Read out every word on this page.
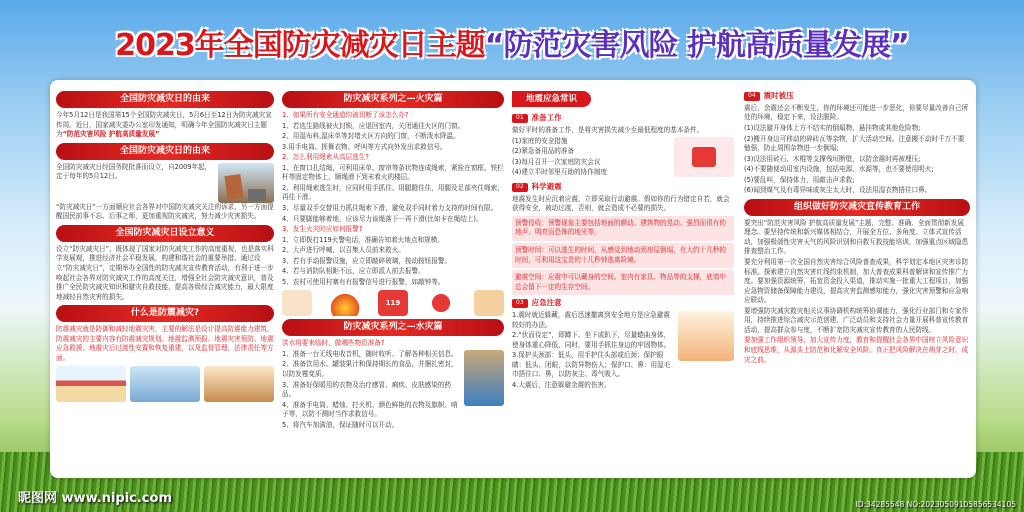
2023年全国防灾减灾日主题“防范灾害风险 护航高质量发展”
全国防灾减灾日的由来

今年5月12日是我国第15个全国防灾减灾日，5月6日至12日为防灾减灾宣传周。近日，国家减灾委办公室印发通知，明确今年全国防灾减灾日主题为“防范灾害风险 护航高质量发展”

全国防灾减灾日的由来

全国防灾减灾日经国务院批准而设立，自2009年起，定于每年的5月12日。

“防灾减灾日”一方面顺应社会各界对中国防灾减灾关注的诉求，另一方面提醒国民前事不忘、后事之师，更加重视防灾减灾，努力减少灾害损失。

全国防灾减灾日设立意义

设立“防灾减灾日”，既体现了国家对防灾减灾工作的高度重视，也是落实科学发展观，推进经济社会平稳发展，构建和谐社会的重要举措。通过设立“防灾减灾日”，定期举办全国性的防灾减灾宣传教育活动，有利于进一步唤起社会各界对防灾减灾工作的高度关注，增强全社会防灾减灾意识，普及推广全民防灾减灾知识和避灾自救技能，提高各级综合减灾能力，最大限度地减轻自然灾害的损失。

什么是防震减灾?

防震减灾就是防御和减轻地震灾害，主要的解法是设计提高防震能力建筑，防震减灾的主要内容有防震减灾规划、地震监测预报、地震灾害预防、地震应急救援、地震灾后过渡性安置和恢复重建，以及监督管理、法律责任等方面。

防灾减灾系列之—火灾篇

1、如果所有安全通道均被切断了该怎么办?

1、若选生路线被火封锁，应退回室内，关闭通往火区的门窗。

2、用湿布料,湿床单等封堵火区方向的门窗，不断泼水降温。

3.用手电筒、挥舞衣物、呼叫等方式向外发出求救信号。

2、怎么利用绳索从高层逃生?

1、在窗口扎结绳，可利用床单、窗帘等条状物连成绳索，紧拴在窗框、铁栏杆等固定物体上，顺绳滑下到未着火的楼层。

2、利用绳索逃生时，应同时用手抓住、用腿蹬住住，用腿及足部夹住绳索，再往下滑。

3、尽量双手交替用力抓住绳索下滑，避免双手同时着力支持的时间有限。

4、只要脚能够着地，应该尽力该绳落下一再下滑(比如卡在绳结上)。

3、发生火灾时应如何报警?

1、立即拨打119火警电话，准确告知着火地点和规模。

2、大声进行呼喊，以召集人员前来救火。

3、若有手动报警设施，应立即敲碎玻璃，按动按钮报警。

4、若与消防队相距不远，应立即派人前去报警。

5、农村可使用村寨有有报警信号进行报警，如敲钟等。

119
防灾减灾系列之—水灾篇

洪水将要来临时，做哪些物资准备?

1、准备一台无线电收音机，随时收听、了解各种相关信息。

2、准备饮用水、罐装果汁和保持期长的食品，并捆扎密封，以防发霉变质。

3、准备好保暖用的衣物及治疗感冒、痢疾、皮肤感染的药品。

4、准备手电筒、蜡烛、打火机、颜色鲜艳的衣物及旗帜、哨子等，以防不测时当作求救信号。

5、将汽车加满油，保证随时可以开动。

地震应急常识
01	准备工作

做好平时的准备工作，是将灾害损失减少至最低程度的基本条件。

(1)家庭的安全措施

(2)紧急备用品的准备

(3)每月召开一次家庭防灾会议

(4)建立平时邻里互助的协作制度

02	科学避震

地震发生时应沉着应震，立即采取行动避震。假如你的行为错定自若，就会获得安全，被动过渡，否则，就会造成不必要的损失。

预警役收：预警现象主要包括地面的颤动、建筑物的晃动、强烈而很有的地声、明亮而恐怖的地光等。
预警时间：可以逃生的时间，从感觉到地动到房屋倒塌，有大约十几秒的时间，可利用这宝贵的十几秒钟逃离险境。
避震空间：应震中可以藏身的空间。室内有家具、物品等的支撑，底墙中总会留下一定的生存空间。
03	应急注意

1.震时就近躲藏，震后迅速撤离到安全地方是应急避震较好的办法。

2.“伏而待定”，即蹲下、坐下或趴下，尽量蜷曲身体，使身体重心降低，同时，要用手抓住身边的牢固物体。

3.保护头颈部：低头，用手护住头部或后颈；保护眼睛：低头、闭眼，以防异物伤人；保护口、鼻：用湿毛巾捂住口、鼻，以防灰尘、毒气吸入。

4.大震后，注意躲避余震的伤害。

04	震时被压

震后，余震还会不断发生，你的环境还可能进一步恶化，你要尽量改善自己所处的环境，稳定下来，设法脱险。

(1)设法避开身体上方不结实的倒塌物，悬挂物或其他危险物;

(2)搬开身边可移动的碎砖瓦等杂物，扩大活动空间。注意搬不动时千万不要勉强，防止周围杂物进一步倒塌;

(3)设法用砖石、木棍等支撑残垣断壁，以防余震时再被埋压;

(4)不要随便动用室内设施，包括电源、水源等，也不要使用明火;

(5)要乱叫，保持体力，用敲击声求救;

(6)闻到煤气及有毒异味或灰尘太大时，设法用湿衣物捂住口鼻。

组织做好防灾减灾宣传教育工作

要突出“防范灾害风险 护航高质量发展”主题，完整、准确、全面贯彻新发展理念。要坚持传统和新兴媒体相结合，开展全方位、多角度、立体式宣传活动，加强极端性灾害天气的风险识别和自救互救技能培训，加强重点区域隐患排查整治工作。

要充分利用第一次全国自然灾害综合风险普查成果，科学划定本地区灾害诊防标准。探索建立自然灾害红线约束机制，加大普查成果科普解读和宣传推广力度。要加强资源统筹，拓宽资金投入渠道，推动实施一批重大工程项目，加强应急物资储备保障能力建设，提高灾害监测感知能力，强化灾害预警和应急响应联动。

要增强防灾减灾救灾相关议事协调机构统筹协调能力，强化行业部门和专家作用，持续推进综合减灾示范创建，广泛动员和支持社会力量开展科普宣传教育活动，提高群众参与度，不断扩宽防灾减灾宣传教育的人民防线。

要加强工作组织领导，加大宣传力度，教育和提醒社会各界中国树立风险意识和底线思维，从源头上防范和化解安全风险。真正把风险解决在萌芽之时、成灾之前。

昵图网 www.nipic.com	ID:34285548 NO:20230509105856534105
